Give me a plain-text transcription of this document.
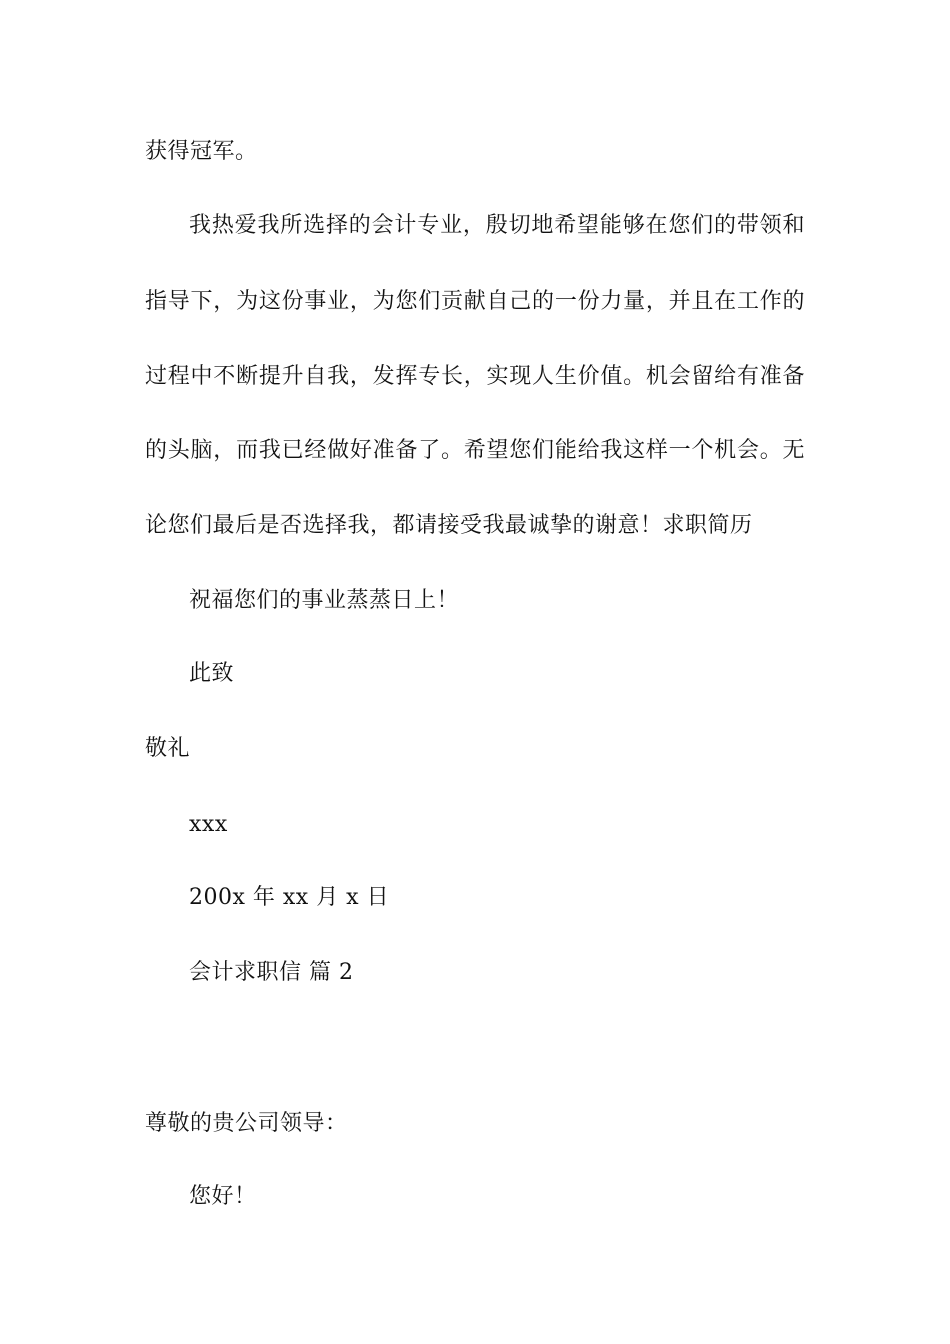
获得冠军。
我热爱我所选择的会计专业，殷切地希望能够在您们的带领和
指导下，为这份事业，为您们贡献自己的一份力量，并且在工作的
过程中不断提升自我，发挥专长，实现人生价值。机会留给有准备
的头脑，而我已经做好准备了。希望您们能给我这样一个机会。无
论您们最后是否选择我，都请接受我最诚挚的谢意！求职简历
祝福您们的事业蒸蒸日上！
此致
敬礼
xxx
200x 年 xx 月 x 日
会计求职信 篇 2
尊敬的贵公司领导：
您好！
